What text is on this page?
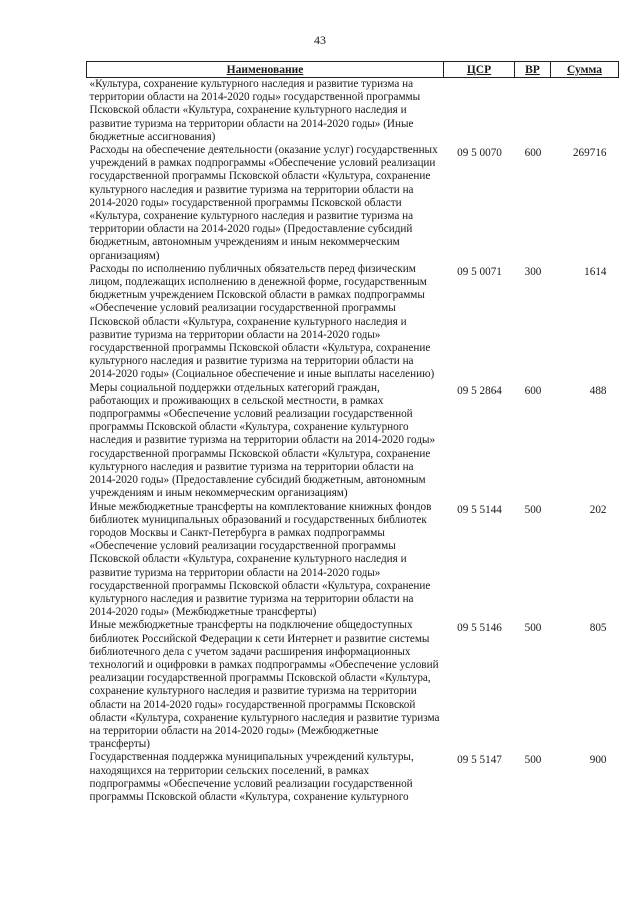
43
Наименование	ЦСР	ВР	Сумма
«Культура, сохранение культурного наследия и развитие туризма на территории области на 2014-2020 годы» государственной программы Псковской области «Культура, сохранение культурного наследия и развитие туризма на территории области на 2014-2020 годы» (Иные бюджетные ассигнования)			
Расходы на обеспечение деятельности (оказание услуг) государственных учреждений в рамках подпрограммы «Обеспечение условий реализации государственной программы Псковской области «Культура, сохранение культурного наследия и развитие туризма на территории области на 2014-2020 годы» государственной программы Псковской области «Культура, сохранение культурного наследия и развитие туризма на территории области на 2014-2020 годы» (Предоставление субсидий бюджетным, автономным учреждениям и иным некоммерческим организациям)	09 5 0070	600	269716
Расходы по исполнению публичных обязательств перед физическим лицом, подлежащих исполнению в денежной форме, государственным бюджетным учреждением Псковской области в рамках подпрограммы «Обеспечение условий реализации государственной программы Псковской области «Культура, сохранение культурного наследия и развитие туризма на территории области на 2014-2020 годы» государственной программы Псковской области «Культура, сохранение культурного наследия и развитие туризма на территории области на 2014-2020 годы» (Социальное обеспечение и иные выплаты населению)	09 5 0071	300	1614
Меры социальной поддержки отдельных категорий граждан, работающих и проживающих в сельской местности, в рамках подпрограммы «Обеспечение условий реализации государственной программы Псковской области «Культура, сохранение культурного наследия и развитие туризма на территории области на 2014-2020 годы» государственной программы Псковской области «Культура, сохранение культурного наследия и развитие туризма на территории области на 2014-2020 годы» (Предоставление субсидий бюджетным, автономным учреждениям и иным некоммерческим организациям)	09 5 2864	600	488
Иные межбюджетные трансферты на комплектование книжных фондов библиотек муниципальных образований и государственных библиотек городов Москвы и Санкт-Петербурга в рамках подпрограммы «Обеспечение условий реализации государственной программы Псковской области «Культура, сохранение культурного наследия и развитие туризма на территории области на 2014-2020 годы» государственной программы Псковской области «Культура, сохранение культурного наследия и развитие туризма на территории области на 2014-2020 годы» (Межбюджетные трансферты)	09 5 5144	500	202
Иные межбюджетные трансферты на подключение общедоступных библиотек Российской Федерации к сети Интернет и развитие системы библиотечного дела с учетом задачи расширения информационных технологий и оцифровки в рамках подпрограммы «Обеспечение условий реализации государственной программы Псковской области «Культура, сохранение культурного наследия и развитие туризма на территории области на 2014-2020 годы» государственной программы Псковской области «Культура, сохранение культурного наследия и развитие туризма на территории области на 2014-2020 годы» (Межбюджетные трансферты)	09 5 5146	500	805
Государственная поддержка муниципальных учреждений культуры, находящихся на территории сельских поселений, в рамках подпрограммы «Обеспечение условий реализации государственной программы Псковской области «Культура, сохранение культурного	09 5 5147	500	900
